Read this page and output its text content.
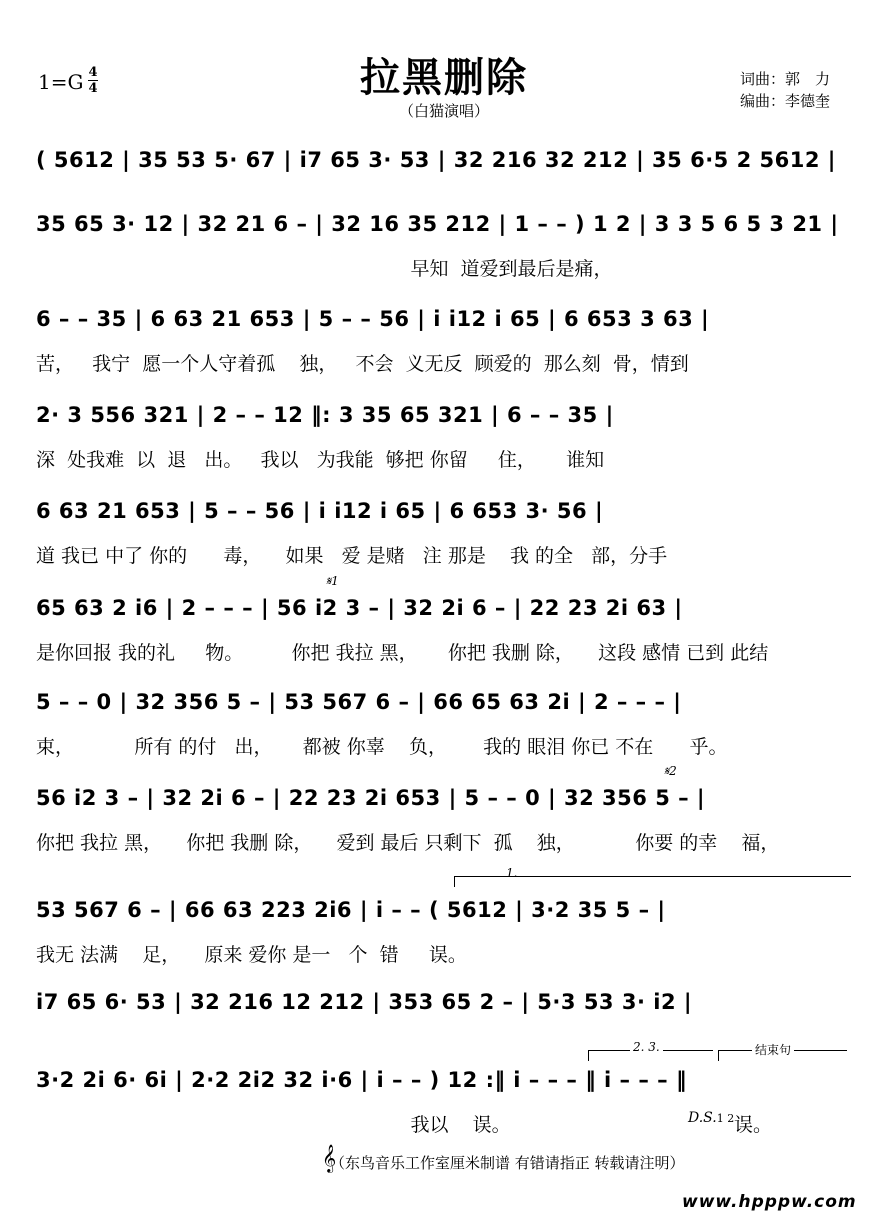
拉黑删除
（白猫演唱）
1=G 4
4
词曲：郭　力
编曲：李德奎
( 5612 | 35 53 5· 67 | i7 65 3· 53 | 32 216 32 212 | 35 6·5 2 5612 |
35 65 3· 12 | 32 21 6 – | 32 16 35 212 | 1 – – ) 1 2 | 3 3 5 6 5 3 21 |
早知  道爱到最后是痛，
6 – – 35 | 6 63 21 653 | 5 – – 56 | i i12 i 65 | 6 653 3 63 |
苦，   我宁  愿一个人守着孤    独，   不会  义无反  顾爱的  那么刻  骨，情到
2· 3 556 321 | 2 – – 12 ‖: 3 35 65 321 | 6 – – 35 |
深  处我难  以  退   出。   我以   为我能  够把 你留     住，     谁知
6 63 21 653 | 5 – – 56 | i i12 i 65 | 6 653 3· 56 |
道 我已 中了 你的      毒，    如果   爱 是赌   注 那是    我 的全   部，分手
𝄋1
65 63 2 i6 | 2 – – – | 56 i2 3 – | 32 2i 6 – | 22 23 2i 63 |
是你回报 我的礼     物。        你把 我拉 黑，     你把 我删 除，    这段 感情 已到 此结
5 – – 0 | 32 356 5 – | 53 567 6 – | 66 65 63 2i | 2 – – – |
束，          所有 的付   出，     都被 你辜    负，      我的 眼泪 你已 不在      乎。
𝄋2
56 i2 3 – | 32 2i 6 – | 22 23 2i 653 | 5 – – 0 | 32 356 5 – |
你把 我拉 黑，    你把 我删 除，    爱到 最后 只剩下  孤    独，          你要 的幸    福，
1.
53 567 6 – | 66 63 223 2i6 | i – – ( 5612 | 3·2 35 5 – |
我无 法满    足，    原来 爱你 是一   个  错     误。
i7 65 6· 53 | 32 216 12 212 | 353 65 2 – | 5·3 53 3· i2 |
2. 3.	结束句
3·2 2i 6· 6i | 2·2 2i2 32 i·6 | i – – ) 12 :‖ i – – – ‖ i – – – ‖
我以    误。	D.S.1 2 误。
𝄞
（东鸟音乐工作室厘米制谱 有错请指正 转载请注明）
www.hpppw.com
